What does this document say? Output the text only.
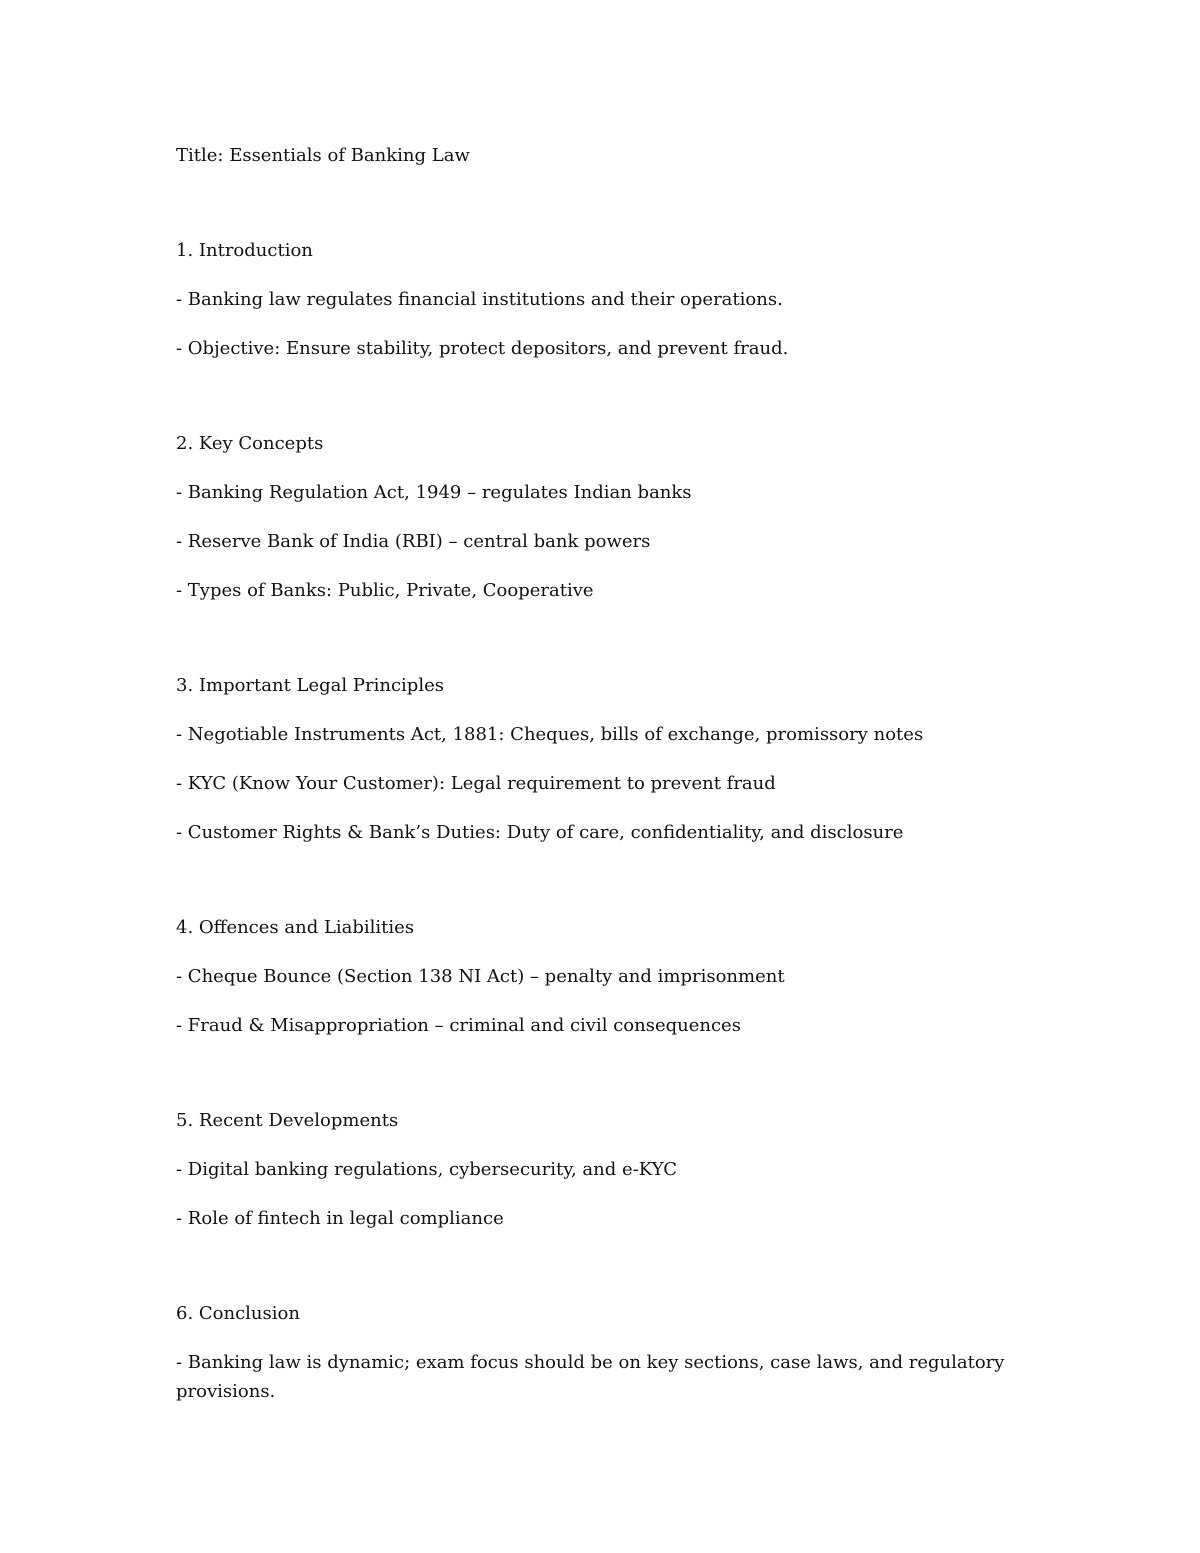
Title: Essentials of Banking Law

1. Introduction

- Banking law regulates financial institutions and their operations.

- Objective: Ensure stability, protect depositors, and prevent fraud.

2. Key Concepts

- Banking Regulation Act, 1949 – regulates Indian banks

- Reserve Bank of India (RBI) – central bank powers

- Types of Banks: Public, Private, Cooperative

3. Important Legal Principles

- Negotiable Instruments Act, 1881: Cheques, bills of exchange, promissory notes

- KYC (Know Your Customer): Legal requirement to prevent fraud

- Customer Rights & Bank’s Duties: Duty of care, confidentiality, and disclosure

4. Offences and Liabilities

- Cheque Bounce (Section 138 NI Act) – penalty and imprisonment

- Fraud & Misappropriation – criminal and civil consequences

5. Recent Developments

- Digital banking regulations, cybersecurity, and e-KYC

- Role of fintech in legal compliance

6. Conclusion

- Banking law is dynamic; exam focus should be on key sections, case laws, and regulatory provisions.
